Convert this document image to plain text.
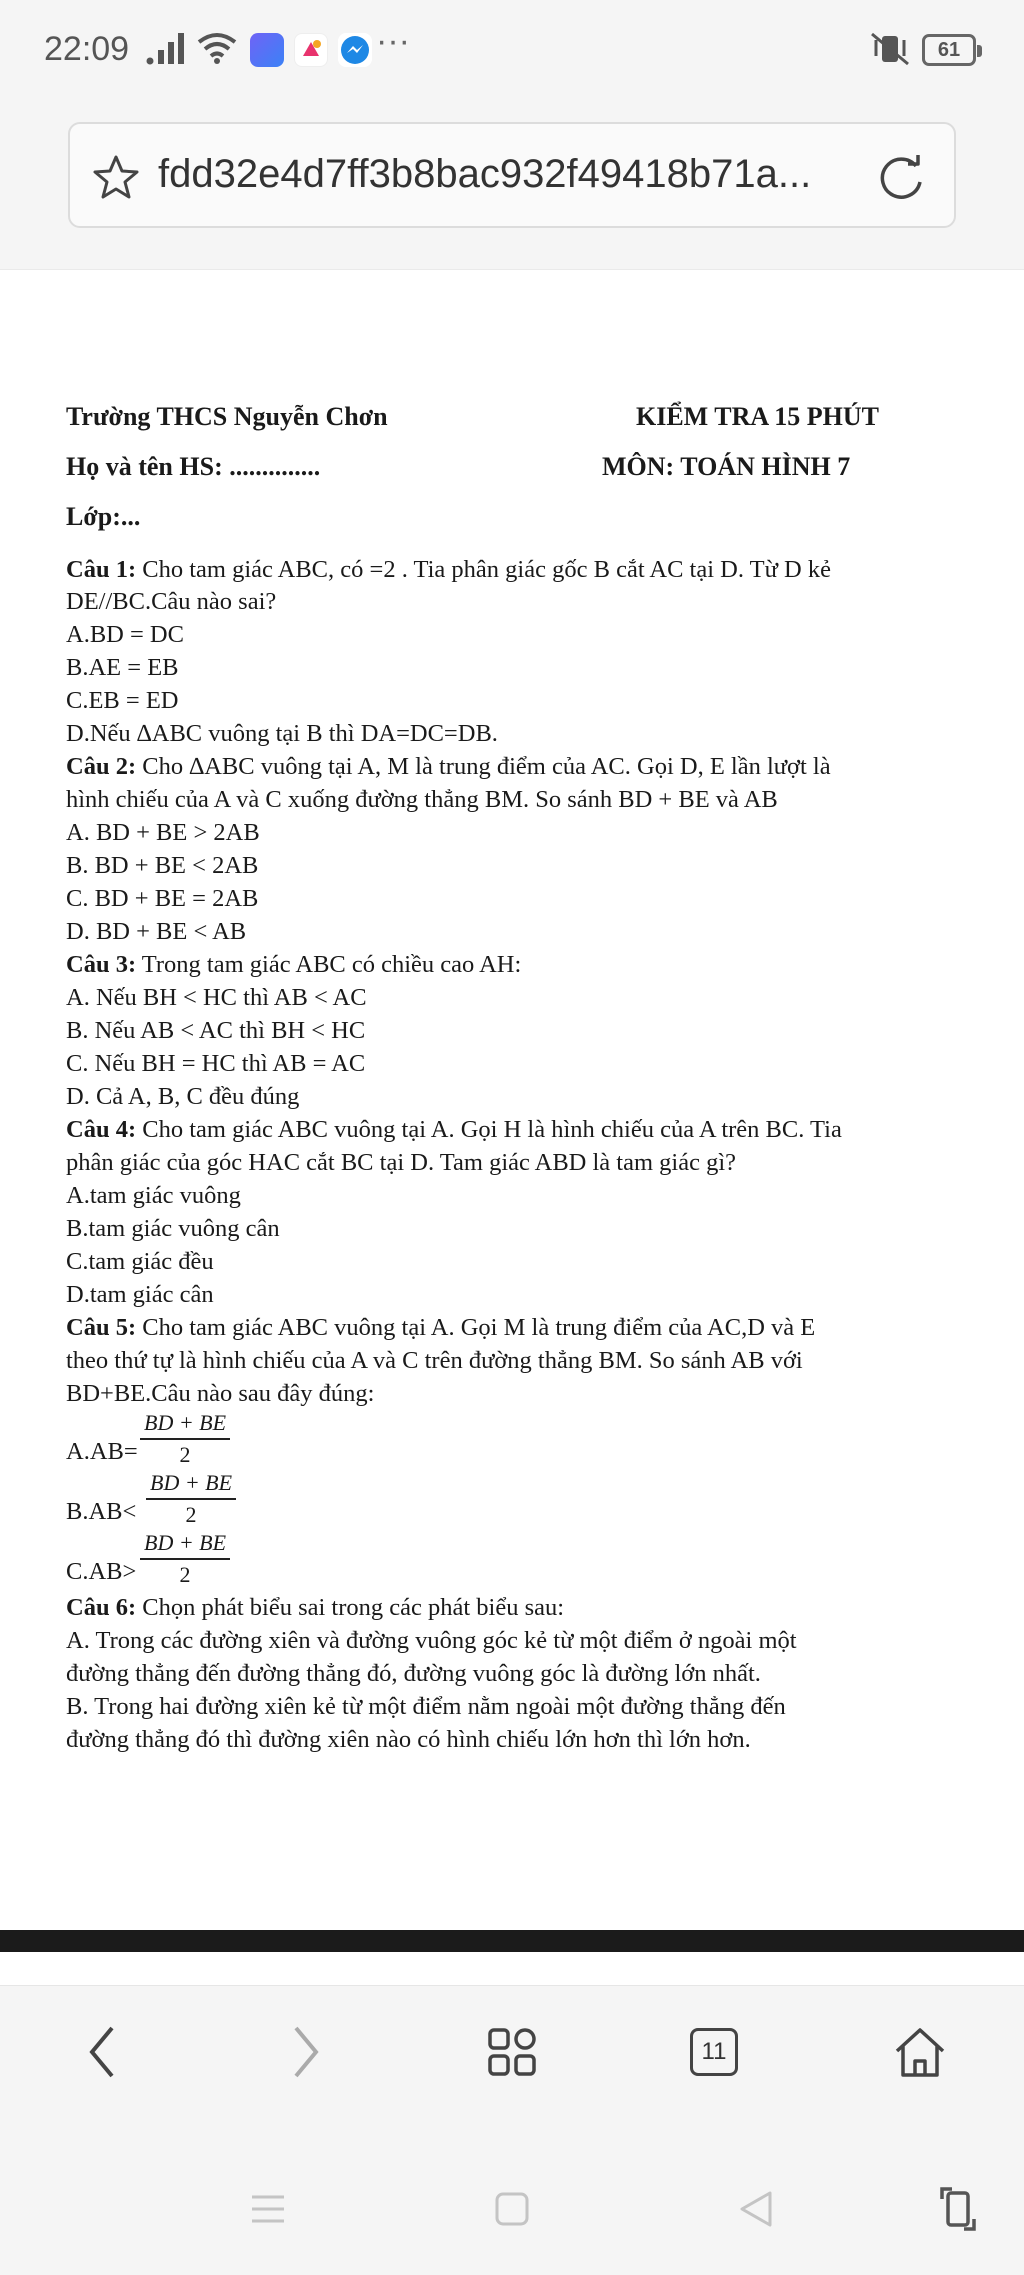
22:09	···	61
fdd32e4d7ff3b8bac932f49418b71a...
Trường THCS Nguyễn Chơn	KIỂM TRA 15 PHÚT
Họ và tên HS: ..............	MÔN: TOÁN HÌNH 7
Lớp:...
Câu 1: Cho tam giác ABC, có =2 . Tia phân giác gốc B cắt AC tại D. Từ D kẻ
DE//BC.Câu nào sai?
A.BD = DC
B.AE = EB
C.EB = ED
D.Nếu ∆ABC vuông tại B thì DA=DC=DB.
Câu 2: Cho ∆ABC vuông tại A, M là trung điểm của AC. Gọi D, E lần lượt là
hình chiếu của A và C xuống đường thẳng BM. So sánh BD + BE và AB
A. BD + BE > 2AB
B. BD + BE < 2AB
C. BD + BE = 2AB
D. BD + BE < AB
Câu 3: Trong tam giác ABC có chiều cao AH:
A. Nếu BH < HC thì AB < AC
B. Nếu AB < AC thì BH < HC
C. Nếu BH = HC thì AB = AC
D. Cả A, B, C đều đúng
Câu 4: Cho tam giác ABC vuông tại A. Gọi H là hình chiếu của A trên BC. Tia
phân giác của góc HAC cắt BC tại D. Tam giác ABD là tam giác gì?
A.tam giác vuông
B.tam giác vuông cân
C.tam giác đều
D.tam giác cân
Câu 5: Cho tam giác ABC vuông tại A. Gọi M là trung điểm của AC,D và E
theo thứ tự là hình chiếu của A và C trên đường thẳng BM. So sánh AB với
BD+BE.Câu nào sau đây đúng:
$A.AB= \frac{BD + BE}{2}$
$B.AB< \frac{BD + BE}{2}$
$C.AB> \frac{BD + BE}{2}$
Câu 6: Chọn phát biểu sai trong các phát biểu sau:
A. Trong các đường xiên và đường vuông góc kẻ từ một điểm ở ngoài một
đường thẳng đến đường thẳng đó, đường vuông góc là đường lớn nhất.
B. Trong hai đường xiên kẻ từ một điểm nằm ngoài một đường thẳng đến
đường thẳng đó thì đường xiên nào có hình chiếu lớn hơn thì lớn hơn.
11
